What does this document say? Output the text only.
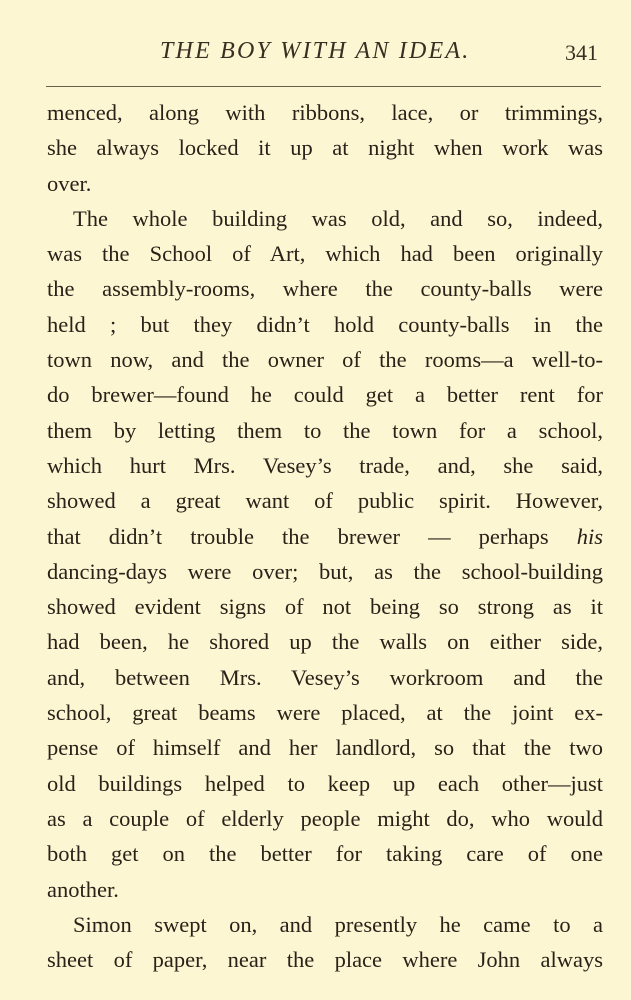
THE BOY WITH AN IDEA.	341
menced, along with ribbons, lace, or trimmings,
she always locked it up at night when work was
over.
The whole building was old, and so, indeed,
was the School of Art, which had been originally
the assembly-rooms, where the county-balls were
held ; but they didn’t hold county-balls in the
town now, and the owner of the rooms—a well-to-
do brewer—found he could get a better rent for
them by letting them to the town for a school,
which hurt Mrs. Vesey’s trade, and, she said,
showed a great want of public spirit. However,
that didn’t trouble the brewer — perhaps his
dancing-days were over; but, as the school-building
showed evident signs of not being so strong as it
had been, he shored up the walls on either side,
and, between Mrs. Vesey’s workroom and the
school, great beams were placed, at the joint ex-
pense of himself and her landlord, so that the two
old buildings helped to keep up each other—just
as a couple of elderly people might do, who would
both get on the better for taking care of one
another.
Simon swept on, and presently he came to a
sheet of paper, near the place where John always
